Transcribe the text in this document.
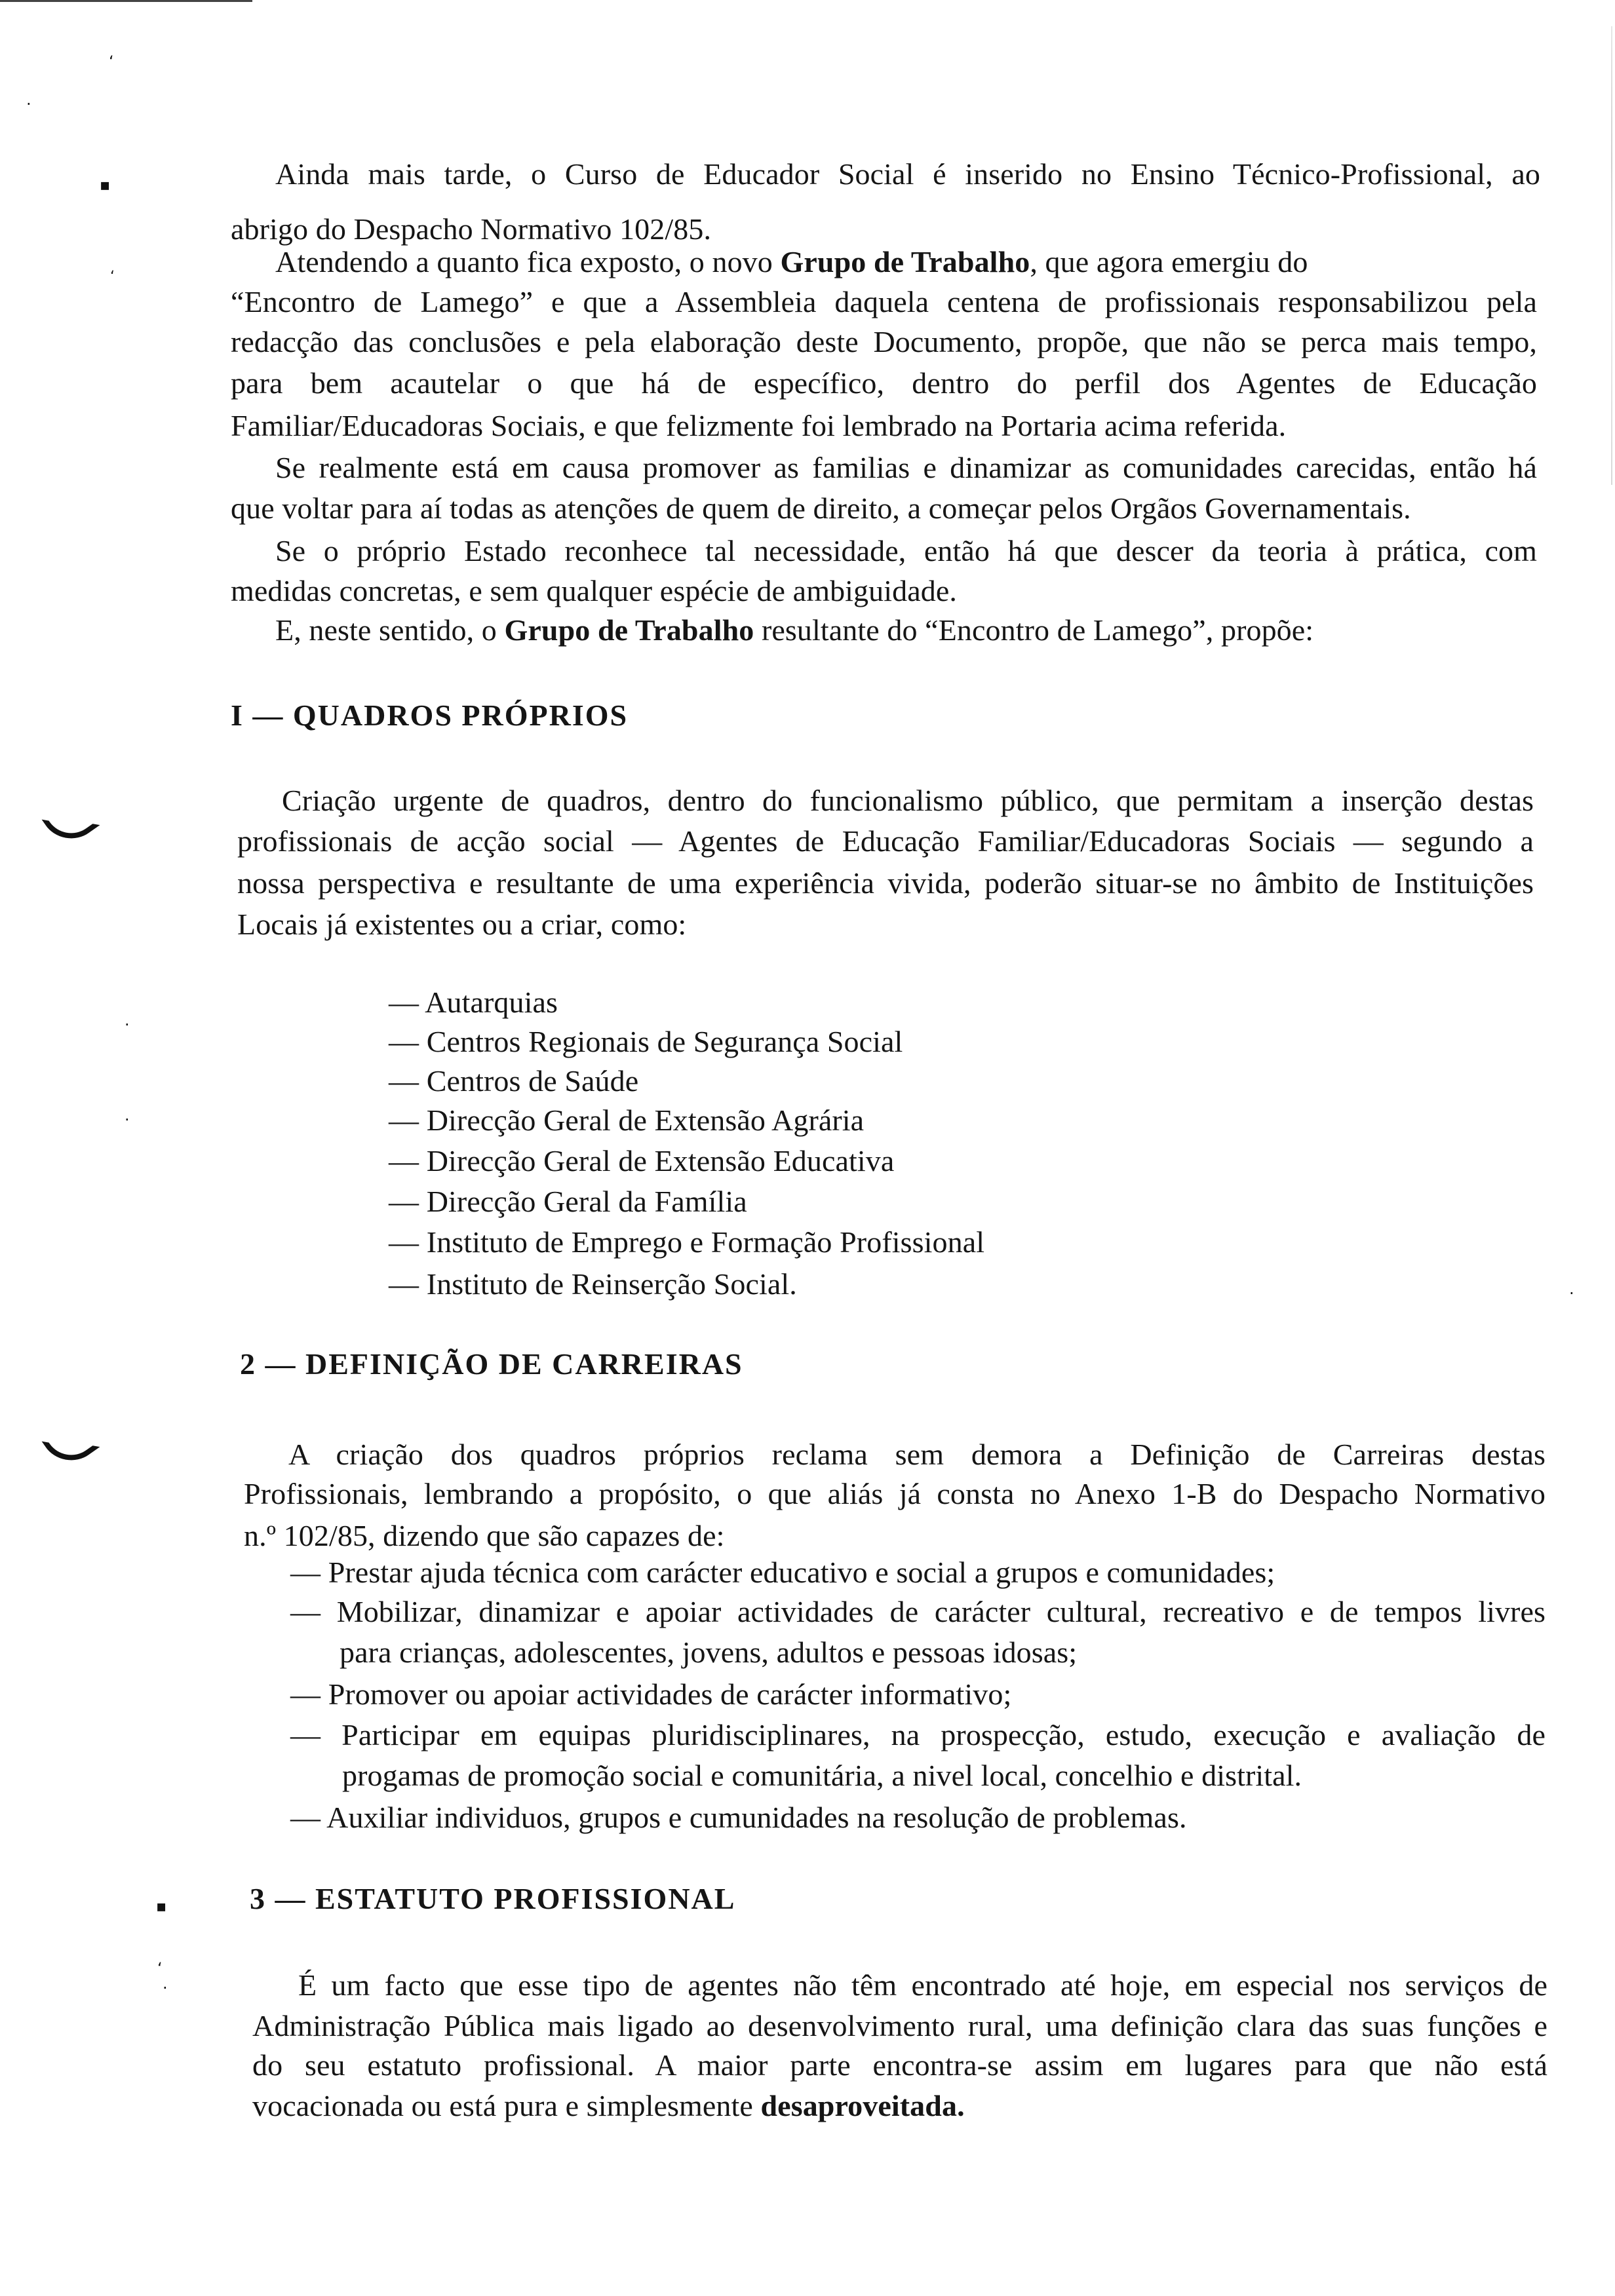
‘
·
▪
‘
·
·
·
▪
‘
·
Ainda mais tarde, o Curso de Educador Social é inserido no Ensino Técnico-Profissional, ao
abrigo do Despacho Normativo 102/85.
Atendendo a quanto fica exposto, o novo Grupo de Trabalho, que agora emergiu do
“Encontro de Lamego” e que a Assembleia daquela centena de profissionais responsabilizou pela
redacção das conclusões e pela elaboração deste Documento, propõe, que não se perca mais tempo,
para bem acautelar o que há de específico, dentro do perfil dos Agentes de Educação
Familiar/Educadoras Sociais, e que felizmente foi lembrado na Portaria acima referida.
Se realmente está em causa promover as familias e dinamizar as comunidades carecidas, então há
que voltar para aí todas as atenções de quem de direito, a começar pelos Orgãos Governamentais.
Se o próprio Estado reconhece tal necessidade, então há que descer da teoria à prática, com
medidas concretas, e sem qualquer espécie de ambiguidade.
E, neste sentido, o Grupo de Trabalho resultante do “Encontro de Lamego”, propõe:
I — QUADROS PRÓPRIOS
Criação urgente de quadros, dentro do funcionalismo público, que permitam a inserção destas
profissionais de acção social — Agentes de Educação Familiar/Educadoras Sociais — segundo a
nossa perspectiva e resultante de uma experiência vivida, poderão situar-se no âmbito de Instituições
Locais já existentes ou a criar, como:
— Autarquias
— Centros Regionais de Segurança Social
— Centros de Saúde
— Direcção Geral de Extensão Agrária
— Direcção Geral de Extensão Educativa
— Direcção Geral da Família
— Instituto de Emprego e Formação Profissional
— Instituto de Reinserção Social.
2 — DEFINIÇÃO DE CARREIRAS
A criação dos quadros próprios reclama sem demora a Definição de Carreiras destas
Profissionais, lembrando a propósito, o que aliás já consta no Anexo 1-B do Despacho Normativo
n.º 102/85, dizendo que são capazes de:
— Prestar ajuda técnica com carácter educativo e social a grupos e comunidades;
— Mobilizar, dinamizar e apoiar actividades de carácter cultural, recreativo e de tempos livres
para crianças, adolescentes, jovens, adultos e pessoas idosas;
— Promover ou apoiar actividades de carácter informativo;
— Participar em equipas pluridisciplinares, na prospecção, estudo, execução e avaliação de
progamas de promoção social e comunitária, a nivel local, concelhio e distrital.
— Auxiliar individuos, grupos e cumunidades na resolução de problemas.
3 — ESTATUTO PROFISSIONAL
É um facto que esse tipo de agentes não têm encontrado até hoje, em especial nos serviços de
Administração Pública mais ligado ao desenvolvimento rural, uma definição clara das suas funções e
do seu estatuto profissional. A maior parte encontra-se assim em lugares para que não está
vocacionada ou está pura e simplesmente desaproveitada.
